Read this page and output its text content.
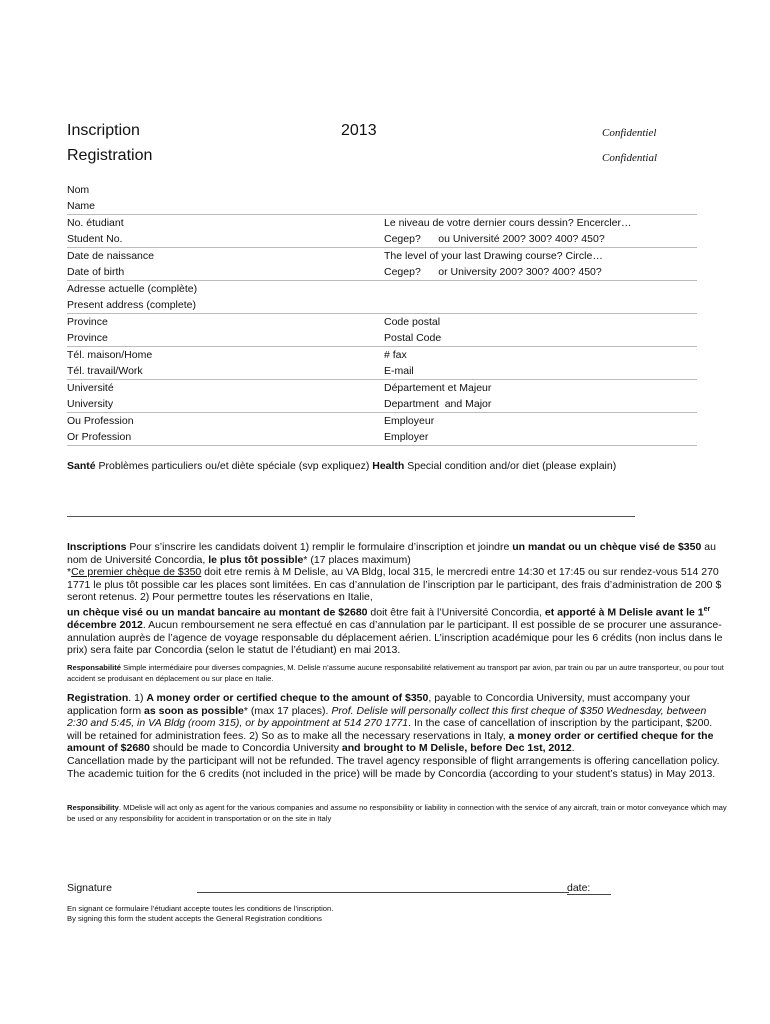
Inscription
Registration
2013	Confidentiel
Confidential
Nom
Name
No. étudiant
Student No.
Le niveau de votre dernier cours dessin? Encercler…
Cegep?      ou Université 200? 300? 400? 450?
Date de naissance
Date of birth
The level of your last Drawing course? Circle…
Cegep?      or University 200? 300? 400? 450?
Adresse actuelle (complète)
Present address (complete)
Province
Province
Code postal
Postal Code
Tél. maison/Home
Tél. travail/Work
# fax
E-mail
Université
University
Département et Majeur
Department  and Major
Ou Profession
Or Profession
Employeur
Employer
Santé Problèmes particuliers ou/et diète spéciale (svp expliquez) Health Special condition and/or diet (please explain)
Inscriptions Pour s’inscrire les candidats doivent 1) remplir le formulaire d’inscription et joindre un mandat ou un chèque visé de $350 au nom de Université Concordia, le plus tôt possible* (17 places maximum)
*Ce premier chèque de $350 doit etre remis à M Delisle, au VA Bldg, local 315, le mercredi entre 14:30 et 17:45 ou sur rendez-vous 514 270 1771 le plus tôt possible car les places sont limitées. En cas d’annulation de l’inscription par le participant, des frais d’administration de 200 $ seront retenus. 2) Pour permettre toutes les réservations en Italie,
un chèque visé ou un mandat bancaire au montant de $2680 doit être fait à l’Université Concordia, et apporté à M Delisle avant le 1er décembre 2012. Aucun remboursement ne sera effectué en cas d’annulation par le participant. Il est possible de se procurer une assurance-annulation auprès de l’agence de voyage responsable du déplacement aérien. L’inscription académique pour les 6 crédits (non inclus dans le prix) sera faite par Concordia (selon le statut de l’étudiant) en mai 2013.
Responsabilité Simple intermédiaire pour diverses compagnies, M. Delisle n’assume aucune responsabilité relativement au transport par avion, par train ou par un autre transporteur, ou pour tout accident se produisant en déplacement ou sur place en Italie.
Registration. 1) A money order or certified cheque to the amount of $350, payable to Concordia University, must accompany your application form as soon as possible* (max 17 places). Prof. Delisle will personally collect this first cheque of $350 Wednesday, between 2:30 and 5:45, in VA Bldg (room 315), or by appointment at 514 270 1771. In the case of cancellation of inscription by the participant, $200. will be retained for administration fees. 2) So as to make all the necessary reservations in Italy, a money order or certified cheque for the amount of $2680 should be made to Concordia University and brought to M Delisle, before Dec 1st, 2012.
Cancellation made by the participant will not be refunded. The travel agency responsible of flight arrangements is offering cancellation policy. The academic tuition for the 6 credits (not included in the price) will be made by Concordia (according to your student’s status) in May 2013.
Responsibility. MDelisle will act only as agent for the various companies and assume no responsibility or liability in connection with the service of any aircraft, train or motor conveyance which may be used or any responsibility for accident in transportation or on the site in Italy
Signature	date:
En signant ce formulaire l’étudiant accepte toutes les conditions de l’inscription.
By signing this form the student accepts the General Registration conditions
